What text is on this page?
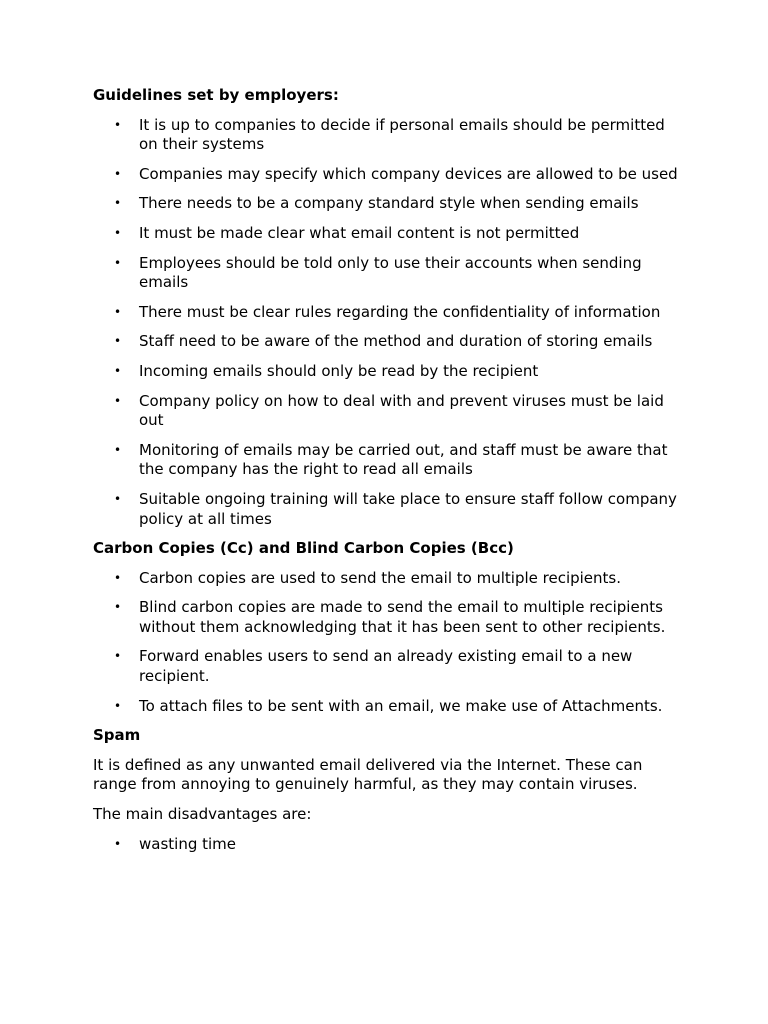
Guidelines set by employers:
• It is up to companies to decide if personal emails should be permitted on their systems
• Companies may specify which company devices are allowed to be used
• There needs to be a company standard style when sending emails
• It must be made clear what email content is not permitted
• Employees should be told only to use their accounts when sending emails
• There must be clear rules regarding the confidentiality of information
• Staff need to be aware of the method and duration of storing emails
• Incoming emails should only be read by the recipient
• Company policy on how to deal with and prevent viruses must be laid out
• Monitoring of emails may be carried out, and staff must be aware that the company has the right to read all emails
• Suitable ongoing training will take place to ensure staff follow company policy at all times
Carbon Copies (Cc) and Blind Carbon Copies (Bcc)
• Carbon copies are used to send the email to multiple recipients.
• Blind carbon copies are made to send the email to multiple recipients without them acknowledging that it has been sent to other recipients.
• Forward enables users to send an already existing email to a new recipient.
• To attach files to be sent with an email, we make use of Attachments.
Spam
It is defined as any unwanted email delivered via the Internet. These can range from annoying to genuinely harmful, as they may contain viruses.
The main disadvantages are:
• wasting time
